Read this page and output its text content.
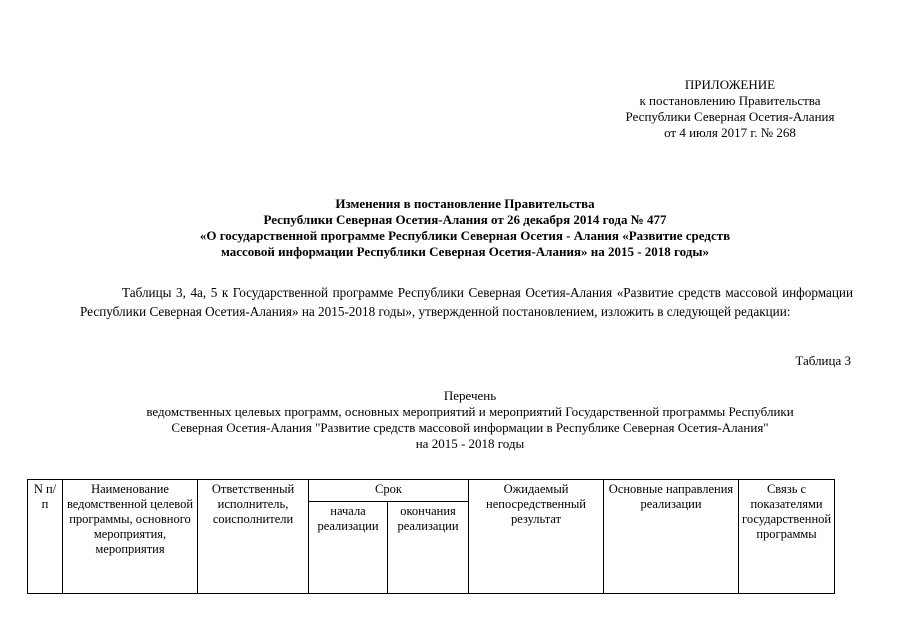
ПРИЛОЖЕНИЕ
к постановлению Правительства
Республики Северная Осетия-Алания
от 4 июля 2017 г. № 268
Изменения в постановление Правительства
Республики Северная Осетия-Алания от 26 декабря 2014 года № 477
«О государственной программе Республики Северная Осетия - Алания «Развитие средств
массовой информации Республики Северная Осетия-Алания» на 2015 - 2018 годы»
Таблицы 3, 4а, 5 к Государственной программе Республики Северная Осетия-Алания «Развитие средств массовой информации Республики Северная Осетия-Алания» на 2015-2018 годы», утвержденной постановлением, изложить в следующей редакции:
Таблица 3
Перечень
ведомственных целевых программ, основных мероприятий и мероприятий Государственной программы Республики
Северная Осетия-Алания "Развитие средств массовой информации в Республике Северная Осетия-Алания"
на 2015 - 2018 годы
N п/п	Наименование ведомственной целевой программы, основного мероприятия, мероприятия	Ответственный исполнитель, соисполнители	Срок		Ожидаемый непосредственный результат	Основные направления реализации	Связь с показателями государственной программы
			начала реализации	окончания реализации			
